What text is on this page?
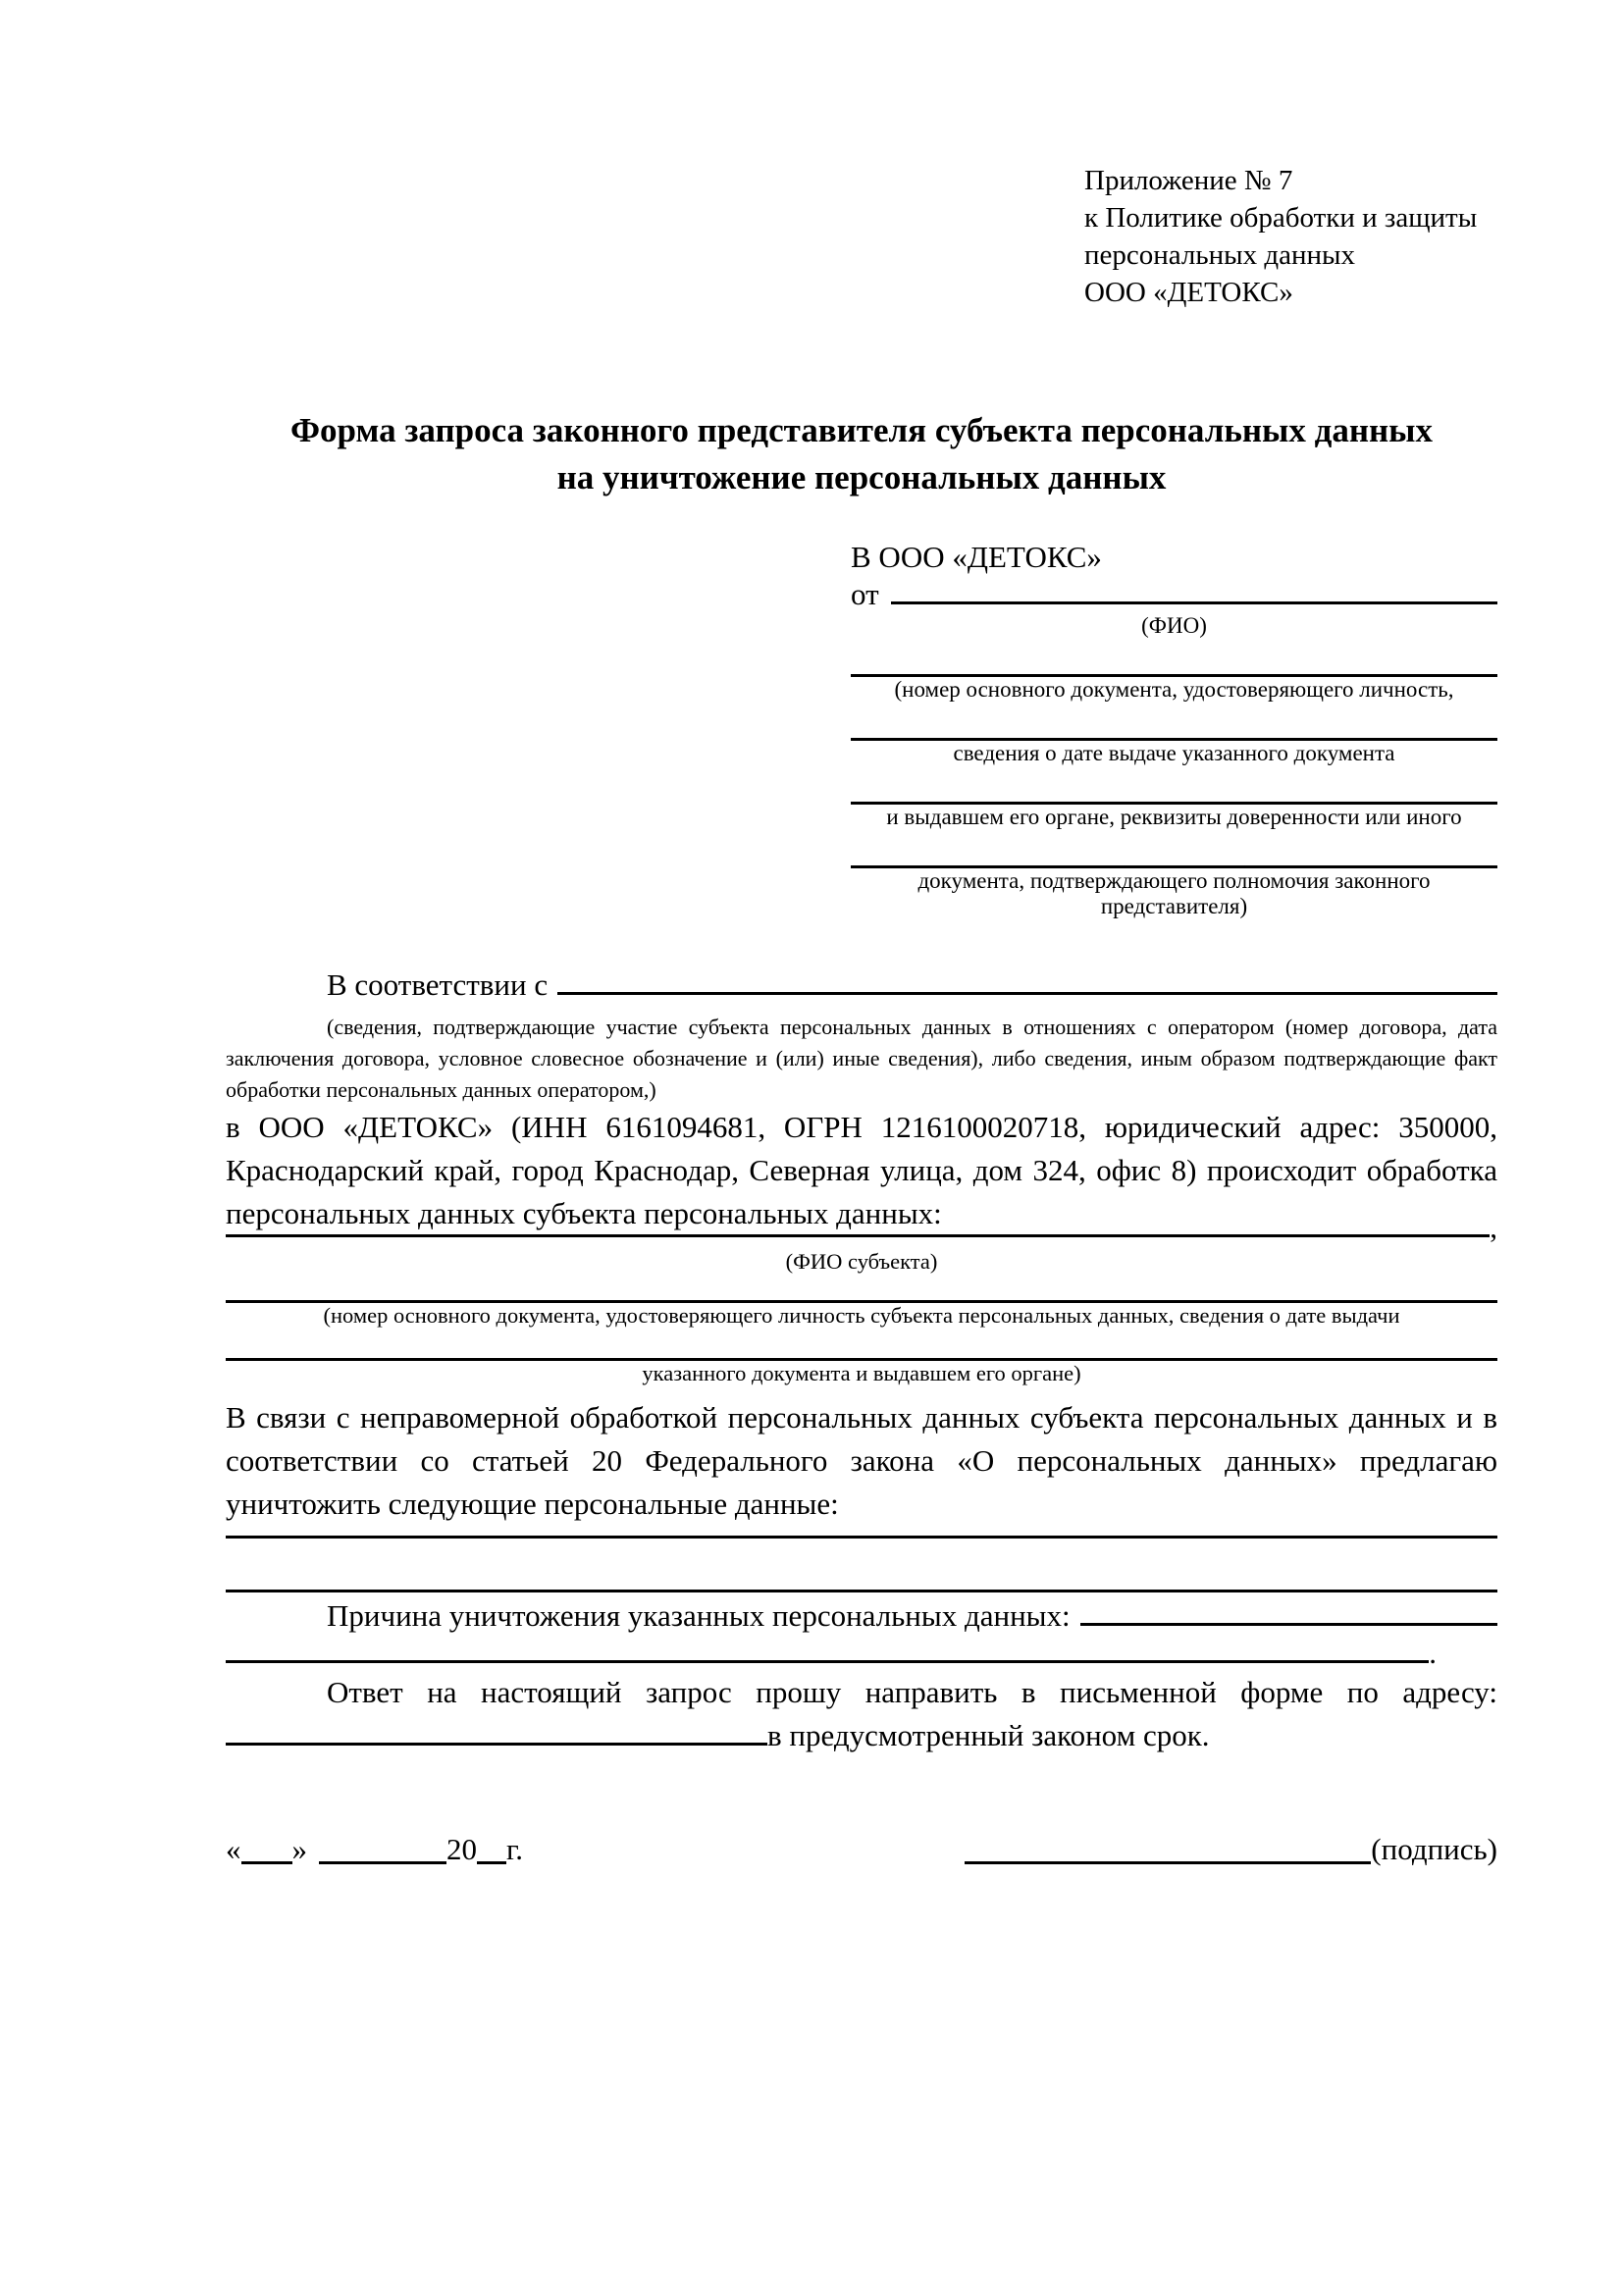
Приложение № 7
к Политике обработки и защиты
персональных данных
ООО «ДЕТОКС»
Форма запроса законного представителя субъекта персональных данных
на уничтожение персональных данных
В ООО «ДЕТОКС»
от
(ФИО)
(номер основного документа, удостоверяющего личность,
сведения о дате выдаче указанного документа
и выдавшем его органе, реквизиты доверенности или иного
документа, подтверждающего полномочия законного представителя)
В соответствии с
(сведения, подтверждающие участие субъекта персональных данных в отношениях с оператором (номер договора, дата заключения договора, условное словесное обозначение и (или) иные сведения), либо сведения, иным образом подтверждающие факт обработки персональных данных оператором,)
в ООО «ДЕТОКС» (ИНН 6161094681, ОГРН 1216100020718, юридический адрес: 350000, Краснодарский край, город Краснодар, Северная улица, дом 324, офис 8) происходит обработка персональных данных субъекта персональных данных:	,
(ФИО субъекта)
(номер основного документа, удостоверяющего личность субъекта персональных данных, сведения о дате выдачи
указанного документа и выдавшем его органе)
В связи с неправомерной обработкой персональных данных субъекта персональных данных и в соответствии со статьей 20 Федерального закона «О персональных данных» предлагаю уничтожить следующие персональные данные:
Причина уничтожения указанных персональных данных:
.
Ответ на настоящий запрос прошу направить в письменной форме по адресу:
в предусмотренный законом срок.
« »	20 г.	(подпись)
